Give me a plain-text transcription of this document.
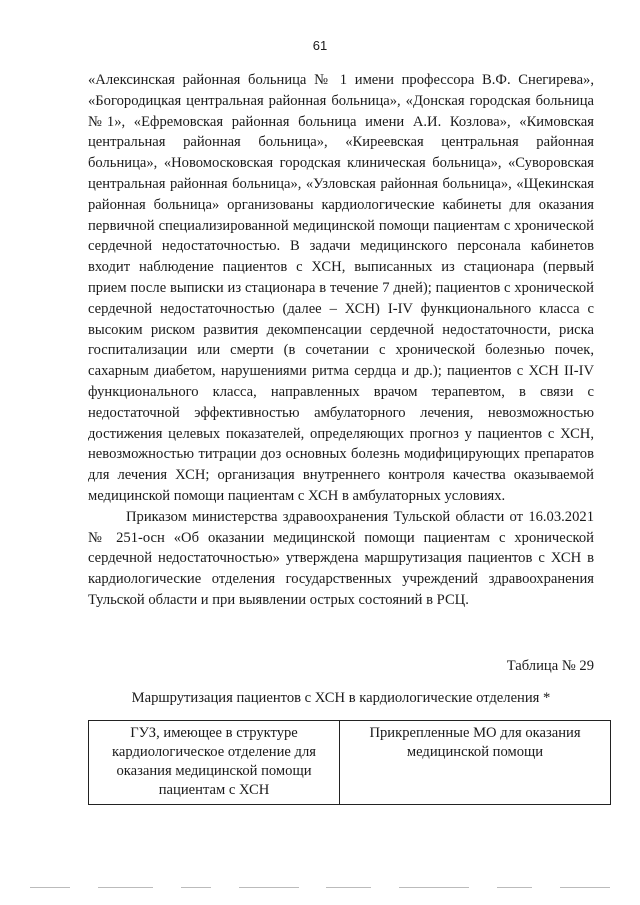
61

«Алексинская районная больница № 1 имени профессора В.Ф. Снегирева», «Богородицкая центральная районная больница», «Донская городская больница №1», «Ефремовская районная больница имени А.И. Козлова», «Кимовская центральная районная больница», «Киреевская центральная районная больница», «Новомосковская городская клиническая больница», «Суворовская центральная районная больница», «Узловская районная больница», «Щекинская районная больница» организованы кардиологические кабинеты для оказания первичной специализированной медицинской помощи пациентам с хронической сердечной недостаточностью. В задачи медицинского персонала кабинетов входит наблюдение пациентов с ХСН, выписанных из стационара (первый прием после выписки из стационара в течение 7 дней); пациентов с хронической сердечной недостаточностью (далее – ХСН) I-IV функционального класса с высоким риском развития декомпенсации сердечной недостаточности, риска госпитализации или смерти (в сочетании с хронической болезнью почек, сахарным диабетом, нарушениями ритма сердца и др.); пациентов с ХСН II-IV функционального класса, направленных врачом терапевтом, в связи с недостаточной эффективностью амбулаторного лечения, невозможностью достижения целевых показателей, определяющих прогноз у пациентов с ХСН, невозможностью титрации доз основных болезнь модифицирующих препаратов для лечения ХСН; организация внутреннего контроля качества оказываемой медицинской помощи пациентам с ХСН в амбулаторных условиях.

Приказом министерства здравоохранения Тульской области от 16.03.2021 № 251-осн «Об оказании медицинской помощи пациентам с хронической сердечной недостаточностью» утверждена маршрутизация пациентов с ХСН в кардиологические отделения государственных учреждений здравоохранения Тульской области и при выявлении острых состояний в РСЦ.

Таблица № 29
Маршрутизация пациентов с ХСН в кардиологические отделения *
ГУЗ, имеющее в структуре кардиологическое отделение для оказания медицинской помощи пациентам с ХСН	Прикрепленные МО для оказания медицинской помощи
